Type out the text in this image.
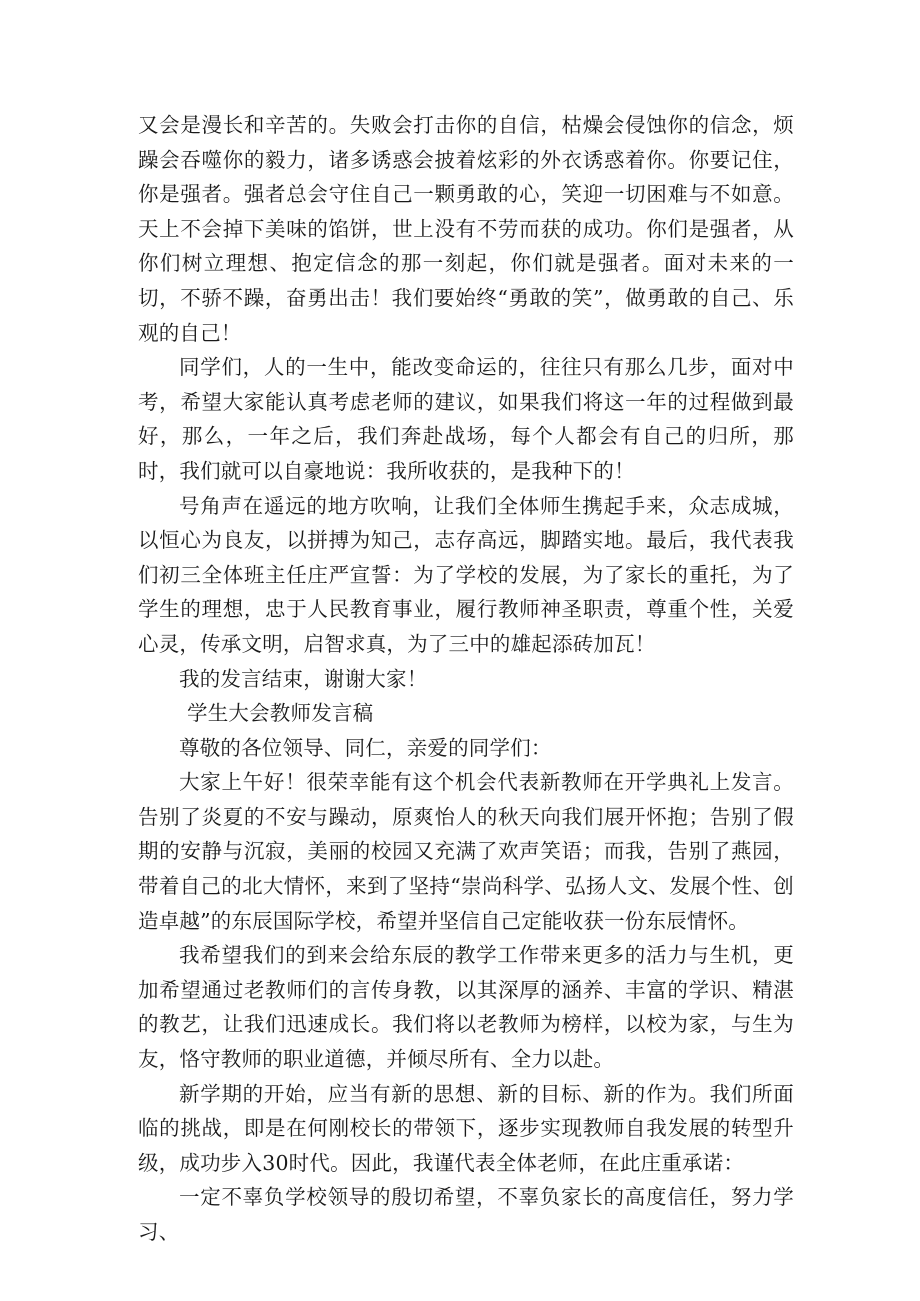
又会是漫长和辛苦的。失败会打击你的自信，枯燥会侵蚀你的信念，烦躁会吞噬你的毅力，诸多诱惑会披着炫彩的外衣诱惑着你。你要记住，你是强者。强者总会守住自己一颗勇敢的心，笑迎一切困难与不如意。天上不会掉下美味的馅饼，世上没有不劳而获的成功。你们是强者，从你们树立理想、抱定信念的那一刻起，你们就是强者。面对未来的一切，不骄不躁，奋勇出击！我们要始终“勇敢的笑”，做勇敢的自己、乐观的自己！

同学们，人的一生中，能改变命运的，往往只有那么几步，面对中考，希望大家能认真考虑老师的建议，如果我们将这一年的过程做到最好，那么，一年之后，我们奔赴战场，每个人都会有自己的归所，那时，我们就可以自豪地说：我所收获的，是我种下的！

号角声在遥远的地方吹响，让我们全体师生携起手来，众志成城，以恒心为良友，以拼搏为知己，志存高远，脚踏实地。最后，我代表我们初三全体班主任庄严宣誓：为了学校的发展，为了家长的重托，为了学生的理想，忠于人民教育事业，履行教师神圣职责，尊重个性，关爱心灵，传承文明，启智求真，为了三中的雄起添砖加瓦！

我的发言结束，谢谢大家！

学生大会教师发言稿

尊敬的各位领导、同仁，亲爱的同学们：

大家上午好！很荣幸能有这个机会代表新教师在开学典礼上发言。告别了炎夏的不安与躁动，原爽怡人的秋天向我们展开怀抱；告别了假期的安静与沉寂，美丽的校园又充满了欢声笑语；而我，告别了燕园，带着自己的北大情怀，来到了坚持“崇尚科学、弘扬人文、发展个性、创造卓越”的东辰国际学校，希望并坚信自己定能收获一份东辰情怀。

我希望我们的到来会给东辰的教学工作带来更多的活力与生机，更加希望通过老教师们的言传身教，以其深厚的涵养、丰富的学识、精湛的教艺，让我们迅速成长。我们将以老教师为榜样，以校为家，与生为友，恪守教师的职业道德，并倾尽所有、全力以赴。

新学期的开始，应当有新的思想、新的目标、新的作为。我们所面临的挑战，即是在何刚校长的带领下，逐步实现教师自我发展的转型升级，成功步入30时代。因此，我谨代表全体老师，在此庄重承诺：

一定不辜负学校领导的殷切希望，不辜负家长的高度信任，努力学习、
